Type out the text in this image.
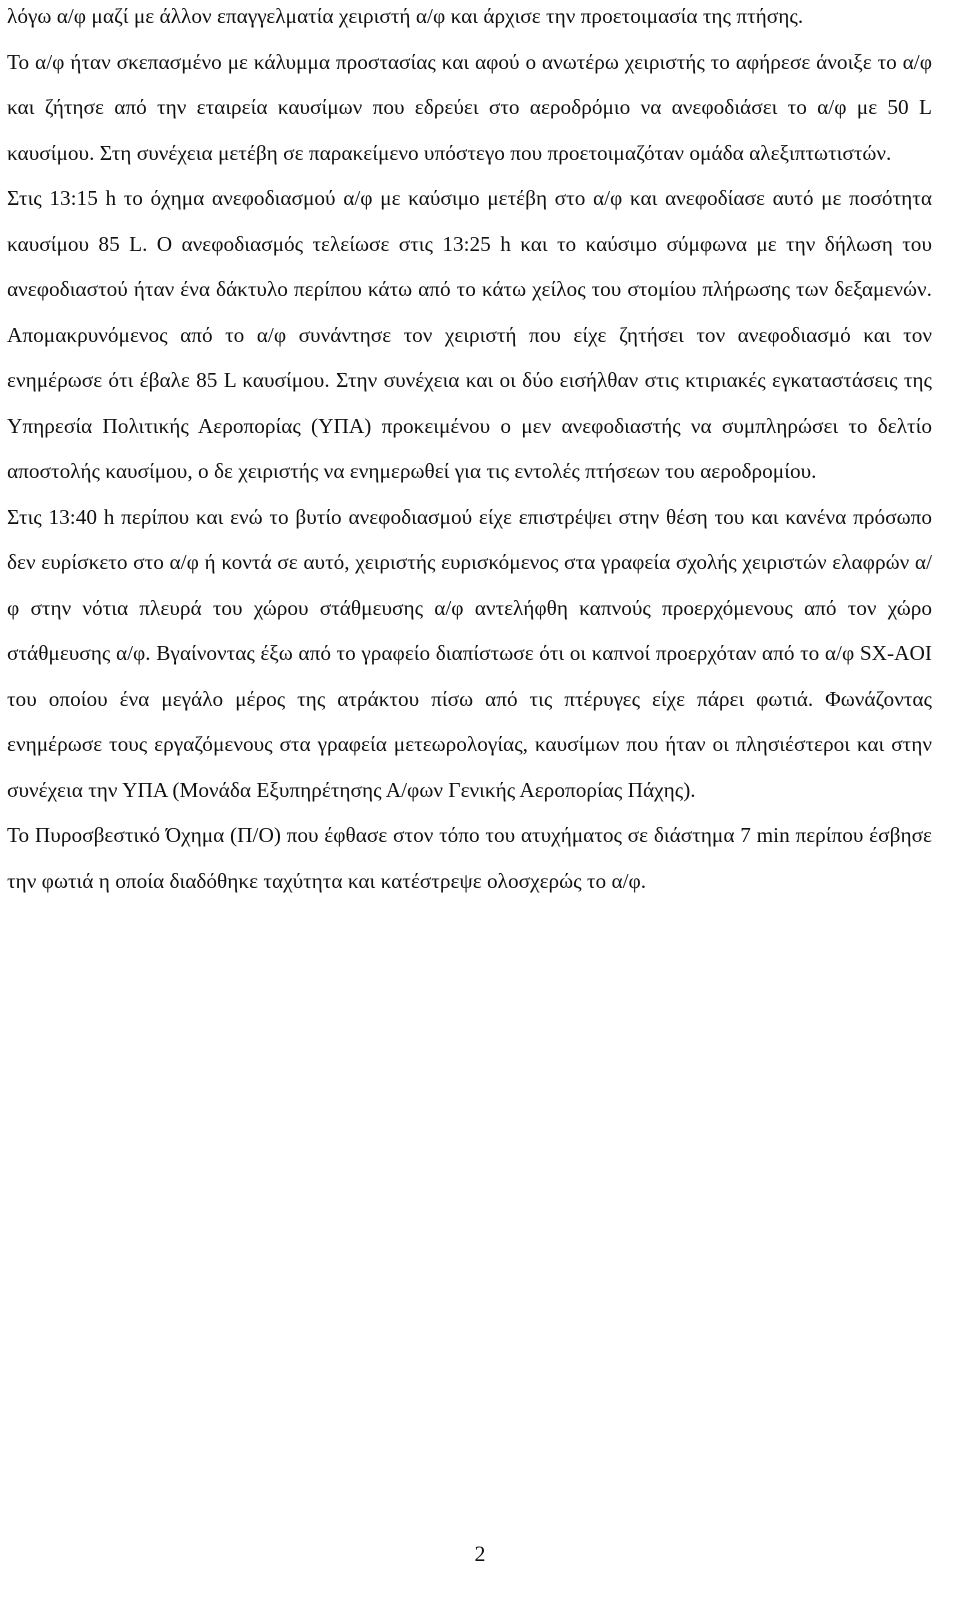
λόγω α/φ μαζί με άλλον επαγγελματία χειριστή α/φ και άρχισε την προετοιμασία της πτήσης.

Το α/φ ήταν σκεπασμένο με κάλυμμα προστασίας και αφού ο ανωτέρω χειριστής το αφήρεσε άνοιξε το α/φ και ζήτησε από την εταιρεία καυσίμων που εδρεύει στο αεροδρόμιο να ανεφοδιάσει το α/φ με 50 L καυσίμου. Στη συνέχεια μετέβη σε παρακείμενο υπόστεγο που προετοιμαζόταν ομάδα αλεξιπτωτιστών.

Στις 13:15 h το όχημα ανεφοδιασμού α/φ με καύσιμο μετέβη στο α/φ και ανεφοδίασε αυτό με ποσότητα καυσίμου 85 L. Ο ανεφοδιασμός τελείωσε στις 13:25 h και το καύσιμο σύμφωνα με την δήλωση του ανεφοδιαστού ήταν ένα δάκτυλο περίπου κάτω από το κάτω χείλος του στομίου πλήρωσης των δεξαμενών. Απομακρυνόμενος από το α/φ συνάντησε τον χειριστή που είχε ζητήσει τον ανεφοδιασμό και τον ενημέρωσε ότι έβαλε 85 L καυσίμου. Στην συνέχεια και οι δύο εισήλθαν στις κτιριακές εγκαταστάσεις της Υπηρεσία Πολιτικής Αεροπορίας (ΥΠΑ) προκειμένου ο μεν ανεφοδιαστής να συμπληρώσει το δελτίο αποστολής καυσίμου, ο δε χειριστής να ενημερωθεί για τις εντολές πτήσεων του αεροδρομίου.

Στις 13:40 h περίπου και ενώ το βυτίο ανεφοδιασμού είχε επιστρέψει στην θέση του και κανένα πρόσωπο δεν ευρίσκετο στο α/φ ή κοντά σε αυτό, χειριστής ευρισκόμενος στα γραφεία σχολής χειριστών ελαφρών α/φ στην νότια πλευρά του χώρου στάθμευσης α/φ αντελήφθη καπνούς προερχόμενους από τον χώρο στάθμευσης α/φ. Βγαίνοντας έξω από το γραφείο διαπίστωσε ότι οι καπνοί προερχόταν από το α/φ SX-AOI του οποίου ένα μεγάλο μέρος της ατράκτου πίσω από τις πτέρυγες είχε πάρει φωτιά. Φωνάζοντας ενημέρωσε τους εργαζόμενους στα γραφεία μετεωρολογίας, καυσίμων που ήταν οι πλησιέστεροι και στην συνέχεια την ΥΠΑ (Μονάδα Εξυπηρέτησης Α/φων Γενικής Αεροπορίας Πάχης).

Το Πυροσβεστικό Όχημα (Π/Ο) που έφθασε στον τόπο του ατυχήματος σε διάστημα 7 min περίπου έσβησε την φωτιά η οποία διαδόθηκε ταχύτητα και κατέστρεψε ολοσχερώς το α/φ.

2
